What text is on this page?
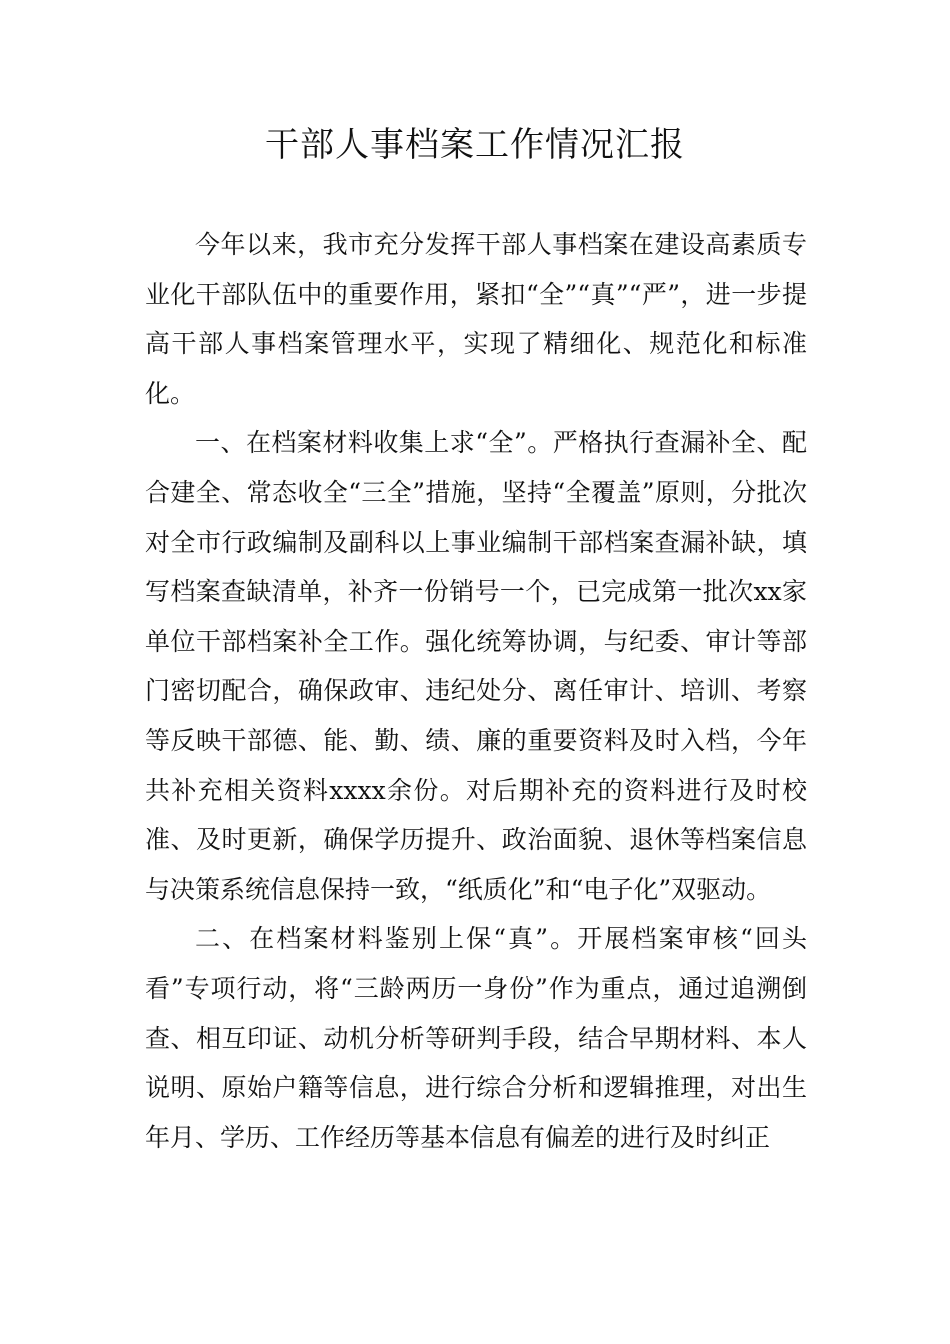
干部人事档案工作情况汇报

今年以来，我市充分发挥干部人事档案在建设高素质专业化干部队伍中的重要作用，紧扣“全”“真”“严”，进一步提高干部人事档案管理水平，实现了精细化、规范化和标准化。

一、在档案材料收集上求“全”。严格执行查漏补全、配合建全、常态收全“三全”措施，坚持“全覆盖”原则，分批次对全市行政编制及副科以上事业编制干部档案查漏补缺，填写档案查缺清单，补齐一份销号一个，已完成第一批次xx家单位干部档案补全工作。强化统筹协调，与纪委、审计等部门密切配合，确保政审、违纪处分、离任审计、培训、考察等反映干部德、能、勤、绩、廉的重要资料及时入档，今年共补充相关资料xxxx余份。对后期补充的资料进行及时校准、及时更新，确保学历提升、政治面貌、退休等档案信息与决策系统信息保持一致，“纸质化”和“电子化”双驱动。

二、在档案材料鉴别上保“真”。开展档案审核“回头看”专项行动，将“三龄两历一身份”作为重点，通过追溯倒查、相互印证、动机分析等研判手段，结合早期材料、本人说明、原始户籍等信息，进行综合分析和逻辑推理，对出生年月、学历、工作经历等基本信息有偏差的进行及时纠正
